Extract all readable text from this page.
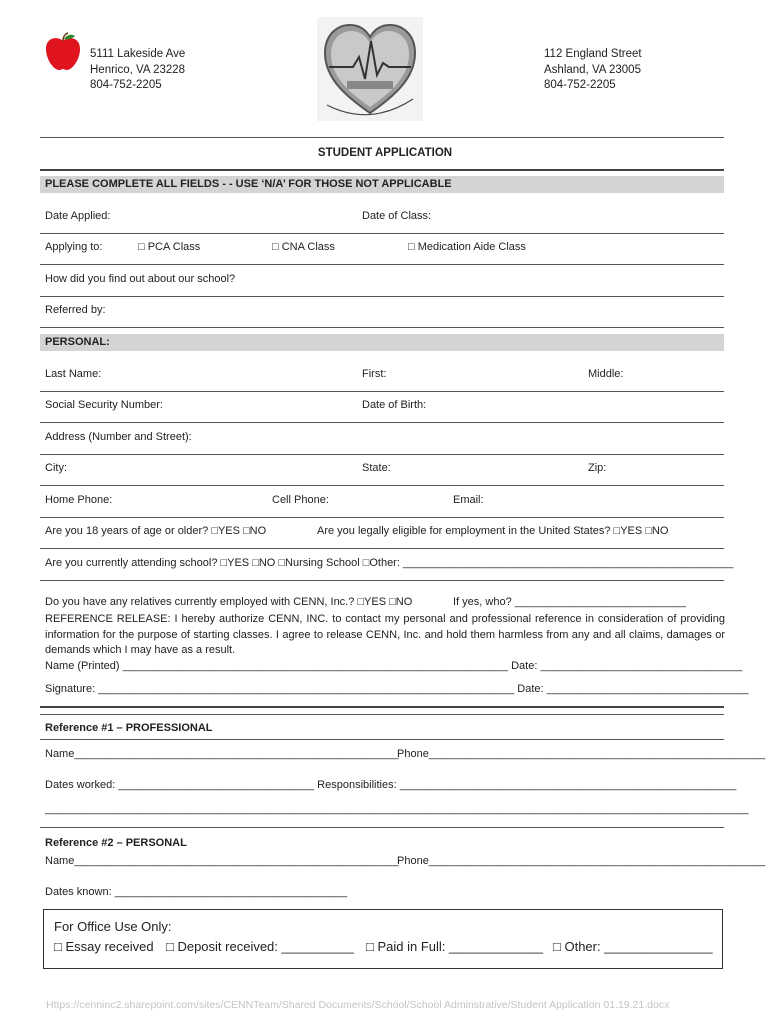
5111 Lakeside Ave
Henrico, VA 23228
804-752-2205
112 England Street
Ashland, VA 23005
804-752-2205
STUDENT APPLICATION
PLEASE COMPLETE ALL FIELDS - - USE ‘N/A’ FOR THOSE NOT APPLICABLE
Date Applied:	Date of Class:
Applying to:	□ PCA Class	□ CNA Class	□ Medication Aide Class
How did you find out about our school?
Referred by:
PERSONAL:
Last Name:	First:	Middle:
Social Security Number:	Date of Birth:
Address (Number and Street):
City:	State:	Zip:
Home Phone:	Cell Phone:	Email:
Are you 18 years of age or older? □YES □NO	Are you legally eligible for employment in the United States? □YES □NO
Are you currently attending school? □YES □NO □Nursing School □Other: ______________________________________________________
Do you have any relatives currently employed with CENN, Inc.? □YES □NO	If yes, who? ____________________________
REFERENCE RELEASE: I hereby authorize CENN, INC. to contact my personal and professional reference in consideration of providing information for the purpose of starting classes. I agree to release CENN, Inc. and hold them harmless from any and all claims, damages or demands which I may have as a result.
Name (Printed) _______________________________________________________________ Date: _________________________________
Signature: ____________________________________________________________________ Date: _________________________________
Reference #1 – PROFESSIONAL
Name_____________________________________________________
Phone_______________________________________________________
Dates worked: ________________________________ Responsibilities: _______________________________________________________
___________________________________________________________________________________________________________________
Reference #2 – PERSONAL
Name_____________________________________________________
Phone_______________________________________________________
Dates known: ______________________________________
For Office Use Only:
□ Essay received □ Deposit received: __________ □ Paid in Full: _____________ □ Other: _______________
Https://cenninc2.sharepoint.com/sites/CENNTeam/Shared Documents/School/School Adminstrative/Student Application 01.19.21.docx
